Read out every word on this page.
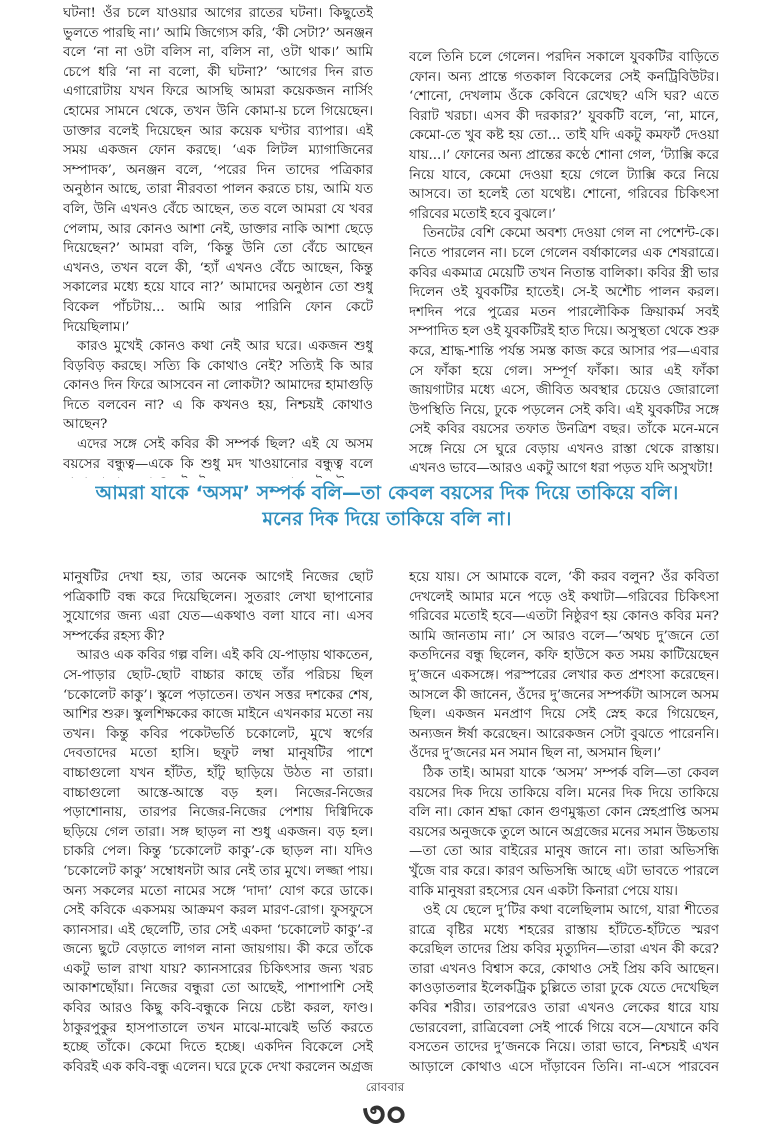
ঘটনা! ওঁর চলে যাওয়ার আগের রাতের ঘটনা। কিছুতেই ভুলতে পারছি না।’ আমি জিগ্যেস করি, ‘কী সেটা?’ অনঞ্জন বলে ‘না না ওটা বলিস না, বলিস না, ওটা থাক।’ আমি চেপে ধরি ‘না না বলো, কী ঘটনা?’ ‘আগের দিন রাত এগারোটায় যখন ফিরে আসছি আমরা কয়েকজন নার্সিং হোমের সামনে থেকে, তখন উনি কোমা-য় চলে গিয়েছেন। ডাক্তার বলেই দিয়েছেন আর কয়েক ঘণ্টার ব্যাপার। এই সময় একজন ফোন করছে। ‘এক লিটল ম্যাগাজিনের সম্পাদক’, অনঞ্জন বলে, ‘পরের দিন তাদের পত্রিকার অনুষ্ঠান আছে, তারা নীরবতা পালন করতে চায়, আমি যত বলি, উনি এখনও বেঁচে আছেন, তত বলে আমরা যে খবর পেলাম, আর কোনও আশা নেই, ডাক্তার নাকি আশা ছেড়ে দিয়েছেন?’ আমরা বলি, ‘কিন্তু উনি তো বেঁচে আছেন এখনও, তখন বলে কী, ‘হ্যাঁ এখনও বেঁচে আছেন, কিন্তু সকালের মধ্যে হয়ে যাবে না?’ আমাদের অনুষ্ঠান তো শুধু বিকেল পাঁচটায়... আমি আর পারিনি ফোন কেটে দিয়েছিলাম।’

কারও মুখেই কোনও কথা নেই আর ঘরে। একজন শুধু বিড়বিড় করছে। সত্যি কি কোথাও নেই? সত্যিই কি আর কোনও দিন ফিরে আসবেন না লোকটা? আমাদের হামাগুড়ি দিতে বলবেন না? এ কি কখনও হয়, নিশ্চয়ই কোথাও আছেন?

এদের সঙ্গে সেই কবির কী সম্পর্ক ছিল? এই যে অসম বয়সের বন্ধুত্ব—একে কি শুধু মদ খাওয়ানোর বন্ধুত্ব বলে

বলে তিনি চলে গেলেন। পরদিন সকালে যুবকটির বাড়িতে ফোন। অন্য প্রান্তে গতকাল বিকেলের সেই কনট্রিবিউটর। ‘শোনো, দেখলাম ওঁকে কেবিনে রেখেছ? এসি ঘর? এতে বিরাট খরচা। এসব কী দরকার?’ যুবকটি বলে, ‘না, মানে, কেমো-তে খুব কষ্ট হয় তো... তাই যদি একটু কমফর্ট দেওয়া যায়...।’ ফোনের অন্য প্রান্তের কণ্ঠে শোনা গেল, ‘ট্যাক্সি করে নিয়ে যাবে, কেমো দেওয়া হয়ে গেলে ট্যাক্সি করে নিয়ে আসবে। তা হলেই তো যথেষ্ট। শোনো, গরিবের চিকিৎসা গরিবের মতোই হবে বুঝলে।’

তিনটের বেশি কেমো অবশ্য দেওয়া গেল না পেশেন্ট-কে। নিতে পারলেন না। চলে গেলেন বর্ষাকালের এক শেষরাত্রে। কবির একমাত্র মেয়েটি তখন নিতান্ত বালিকা। কবির স্ত্রী ভার দিলেন ওই যুবকটির হাতেই। সে-ই অশৌচ পালন করল। দশদিন পরে পুত্রের মতন পারলৌকিক ক্রিয়াকর্ম সবই সম্পাদিত হল ওই যুবকটিরই হাত দিয়ে। অসুস্থতা থেকে শুরু করে, শ্রাদ্ধ-শান্তি পর্যন্ত সমস্ত কাজ করে আসার পর—এবার সে ফাঁকা হয়ে গেল। সম্পূর্ণ ফাঁকা। আর এই ফাঁকা জায়গাটার মধ্যে এসে, জীবিত অবস্থার চেয়েও জোরালো উপস্থিতি নিয়ে, ঢুকে পড়লেন সেই কবি। এই যুবকটির সঙ্গে সেই কবির বয়সের তফাত উনত্রিশ বছর। তাঁকে মনে-মনে সঙ্গে নিয়ে সে ঘুরে বেড়ায় এখনও রাস্তা থেকে রাস্তায়। এখনও ভাবে—আরও একটু আগে ধরা পড়ত যদি অসুখটা!

আমরা যাকে ‘অসম’ সম্পর্ক বলি—তা কেবল বয়সের দিক দিয়ে তাকিয়ে বলি।
মনের দিক দিয়ে তাকিয়ে বলি না।

মানুষটির দেখা হয়, তার অনেক আগেই নিজের ছোট পত্রিকাটি বন্ধ করে দিয়েছিলেন। সুতরাং লেখা ছাপানোর সুযোগের জন্য এরা যেত—একথাও বলা যাবে না। এসব সম্পর্কের রহস্য কী?

আরও এক কবির গল্প বলি। এই কবি যে-পাড়ায় থাকতেন, সে-পাড়ার ছোট-ছোট বাচ্চার কাছে তাঁর পরিচয় ছিল ‘চকোলেট কাকু’। স্কুলে পড়াতেন। তখন সত্তর দশকের শেষ, আশির শুরু। স্কুলশিক্ষকের কাজে মাইনে এখনকার মতো নয় তখন। কিন্তু কবির পকেটভর্তি চকোলেট, মুখে স্বর্গের দেবতাদের মতো হাসি। ছফুট লম্বা মানুষটির পাশে বাচ্চাগুলো যখন হাঁটত, হাঁটু ছাড়িয়ে উঠত না তারা। বাচ্চাগুলো আস্তে-আস্তে বড় হল। নিজের-নিজের পড়াশোনায়, তারপর নিজের-নিজের পেশায় দিগ্বিদিকে ছড়িয়ে গেল তারা। সঙ্গ ছাড়ল না শুধু একজন। বড় হল। চাকরি পেল। কিন্তু ‘চকোলেট কাকু’-কে ছাড়ল না। যদিও ‘চকোলেট কাকু’ সম্বোধনটা আর নেই তার মুখে। লজ্জা পায়। অন্য সকলের মতো নামের সঙ্গে ‘দাদা’ যোগ করে ডাকে। সেই কবিকে একসময় আক্রমণ করল মারণ-রোগ। ফুসফুসে ক্যানসার। এই ছেলেটি, তার সেই একদা ‘চকোলেট কাকু’-র জন্যে ছুটে বেড়াতে লাগল নানা জায়গায়। কী করে তাঁকে একটু ভাল রাখা যায়? ক্যানসারের চিকিৎসার জন্য খরচ আকাশছোঁয়া। নিজের বন্ধুরা তো আছেই, পাশাপাশি সেই কবির আরও কিছু কবি-বন্ধুকে নিয়ে চেষ্টা করল, ফাণ্ড। ঠাকুরপুকুর হাসপাতালে তখন মাঝে-মাঝেই ভর্তি করতে হচ্ছে তাঁকে। কেমো দিতে হচ্ছে। একদিন বিকেলে সেই কবিরই এক কবি-বন্ধু এলেন। ঘরে ঢুকে দেখা করলেন অগ্রজ

হয়ে যায়। সে আমাকে বলে, ‘কী করব বলুন? ওঁর কবিতা দেখলেই আমার মনে পড়ে ওই কথাটা—গরিবের চিকিৎসা গরিবের মতোই হবে—এতটা নিষ্ঠুরণ হয় কোনও কবির মন? আমি জানতাম না।’ সে আরও বলে—‘অথচ দু’জনে তো কতদিনের বন্ধু ছিলেন, কফি হাউসে কত সময় কাটিয়েছেন দু’জনে একসঙ্গে। পরস্পরের লেখার কত প্রশংসা করেছেন। আসলে কী জানেন, ওঁদের দু’জনের সম্পর্কটা আসলে অসম ছিল। একজন মনপ্রাণ দিয়ে সেই স্নেহ করে গিয়েছেন, অন্যজন ঈর্ষা করেছেন। আরেকজন সেটা বুঝতে পারেননি। ওঁদের দু’জনের মন সমান ছিল না, অসমান ছিল।’

ঠিক তাই। আমরা যাকে ‘অসম’ সম্পর্ক বলি—তা কেবল বয়সের দিক দিয়ে তাকিয়ে বলি। মনের দিক দিয়ে তাকিয়ে বলি না। কোন শ্রদ্ধা কোন গুণমুগ্ধতা কোন স্নেহপ্রাপ্তি অসম বয়সের অনুজকে তুলে আনে অগ্রজের মনের সমান উচ্চতায়—তা তো আর বাইরের মানুষ জানে না। তারা অভিসন্ধি খুঁজে বার করে। কারণ অভিসন্ধি আছে এটা ভাবতে পারলে বাকি মানুষরা রহস্যের যেন একটা কিনারা পেয়ে যায়।

ওই যে ছেলে দু’টির কথা বলেছিলাম আগে, যারা শীতের রাত্রে বৃষ্টির মধ্যে শহরের রাস্তায় হাঁটতে-হাঁটতে স্মরণ করেছিল তাদের প্রিয় কবির মৃত্যুদিন—তারা এখন কী করে? তারা এখনও বিশ্বাস করে, কোথাও সেই প্রিয় কবি আছেন। কাওড়াতলার ইলেকট্রিক চুল্লিতে তারা ঢুকে যেতে দেখেছিল কবির শরীর। তারপরেও তারা এখনও লেকের ধারে যায় ভোরবেলা, রাত্রিবেলা সেই পার্কে গিয়ে বসে—যেখানে কবি বসতেন তাদের দু’জনকে নিয়ে। তারা ভাবে, নিশ্চয়ই এখন আড়ালে কোথাও এসে দাঁড়াবেন তিনি। না-এসে পারবেন

রোববার
৩০
